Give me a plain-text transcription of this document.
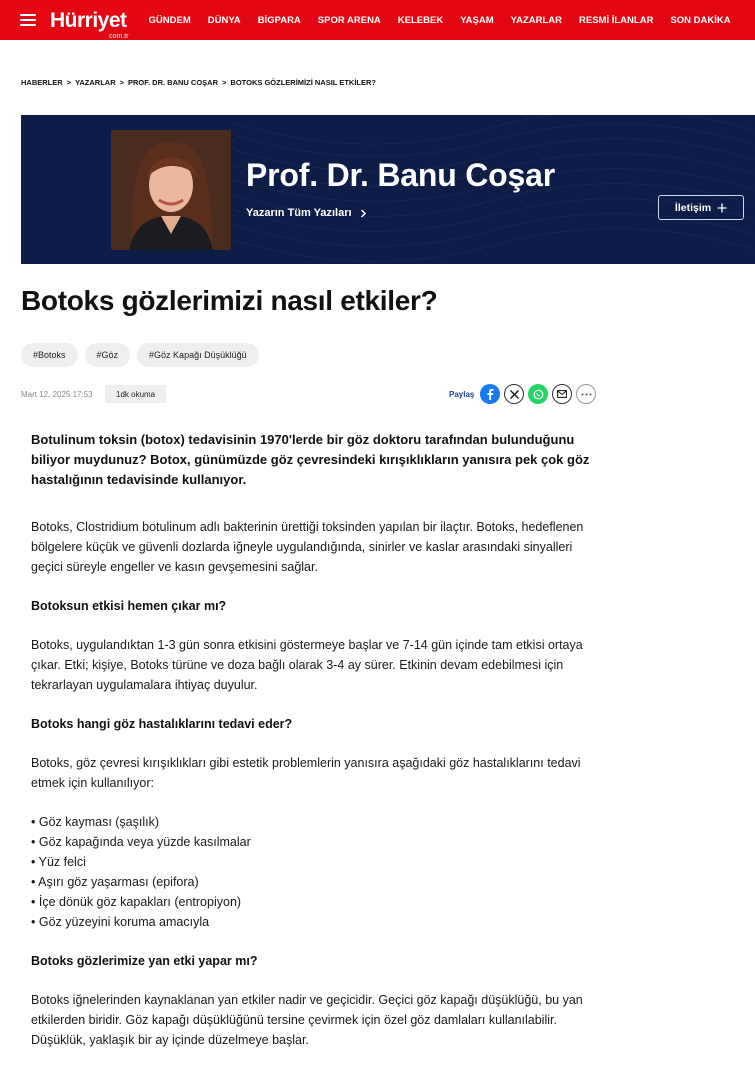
Hürriyet
com.tr
GÜNDEM DÜNYA BİGPARA SPOR ARENA KELEBEK YAŞAM YAZARLAR RESMİ İLANLAR SON DAKİKA
HABERLER > YAZARLAR > PROF. DR. BANU COŞAR > BOTOKS GÖZLERİMİZİ NASIL ETKİLER?
Prof. Dr. Banu Coşar
Yazarın Tüm Yazıları	İletişim
Botoks gözlerimizi nasıl etkiler?
#Botoks	#Göz	#Göz Kapağı Düşüklüğü
Mart 12, 2025 17:53	1dk okuma	Paylaş

Botulinum toksin (botox) tedavisinin 1970'lerde bir göz doktoru tarafından bulunduğunu biliyor muydunuz? Botox, günümüzde göz çevresindeki kırışıklıkların yanısıra pek çok göz hastalığının tedavisinde kullanıyor.

Botoks, Clostridium botulinum adlı bakterinin ürettiği toksinden yapılan bir ilaçtır. Botoks, hedeflenen bölgelere küçük ve güvenli dozlarda iğneyle uygulandığında, sinirler ve kaslar arasındaki sinyalleri geçici süreyle engeller ve kasın gevşemesini sağlar.

Botoksun etkisi hemen çıkar mı?

Botoks, uygulandıktan 1-3 gün sonra etkisini göstermeye başlar ve 7-14 gün içinde tam etkisi ortaya çıkar. Etki; kişiye, Botoks türüne ve doza bağlı olarak 3-4 ay sürer. Etkinin devam edebilmesi için tekrarlayan uygulamalara ihtiyaç duyulur.

Botoks hangi göz hastalıklarını tedavi eder?

Botoks, göz çevresi kırışıklıkları gibi estetik problemlerin yanısıra aşağıdaki göz hastalıklarını tedavi etmek için kullanılıyor:

• Göz kayması (şaşılık)
• Göz kapağında veya yüzde kasılmalar
• Yüz felci
• Aşırı göz yaşarması (epifora)
• İçe dönük göz kapakları (entropiyon)
• Göz yüzeyini koruma amacıyla

Botoks gözlerimize yan etki yapar mı?

Botoks iğnelerinden kaynaklanan yan etkiler nadir ve geçicidir. Geçici göz kapağı düşüklüğü, bu yan etkilerden biridir. Göz kapağı düşüklüğünü tersine çevirmek için özel göz damlaları kullanılabilir. Düşüklük, yaklaşık bir ay içinde düzelmeye başlar.
